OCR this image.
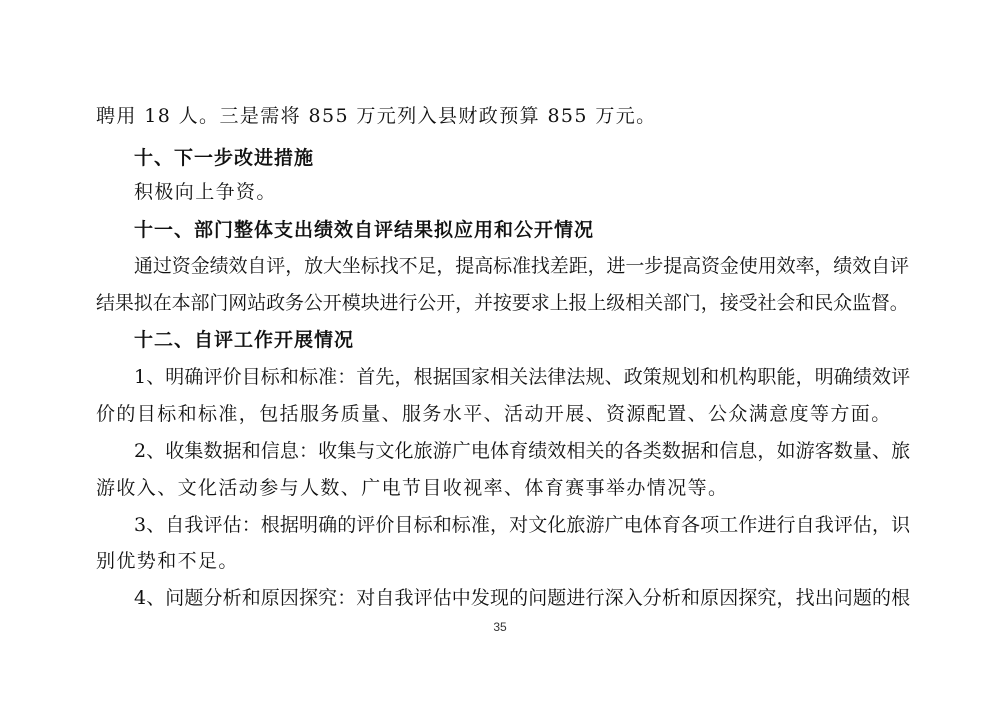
聘用 18 人。三是需将 855 万元列入县财政预算 855 万元。
十、下一步改进措施
积极向上争资。
十一、部门整体支出绩效自评结果拟应用和公开情况
通过资金绩效自评，放大坐标找不足，提高标准找差距，进一步提高资金使用效率，绩效自评
结果拟在本部门网站政务公开模块进行公开，并按要求上报上级相关部门，接受社会和民众监督。
十二、自评工作开展情况
1、明确评价目标和标准：首先，根据国家相关法律法规、政策规划和机构职能，明确绩效评
价的目标和标准，包括服务质量、服务水平、活动开展、资源配置、公众满意度等方面。
2、收集数据和信息：收集与文化旅游广电体育绩效相关的各类数据和信息，如游客数量、旅
游收入、文化活动参与人数、广电节目收视率、体育赛事举办情况等。
3、自我评估：根据明确的评价目标和标准，对文化旅游广电体育各项工作进行自我评估，识
别优势和不足。
4、问题分析和原因探究：对自我评估中发现的问题进行深入分析和原因探究，找出问题的根
35
